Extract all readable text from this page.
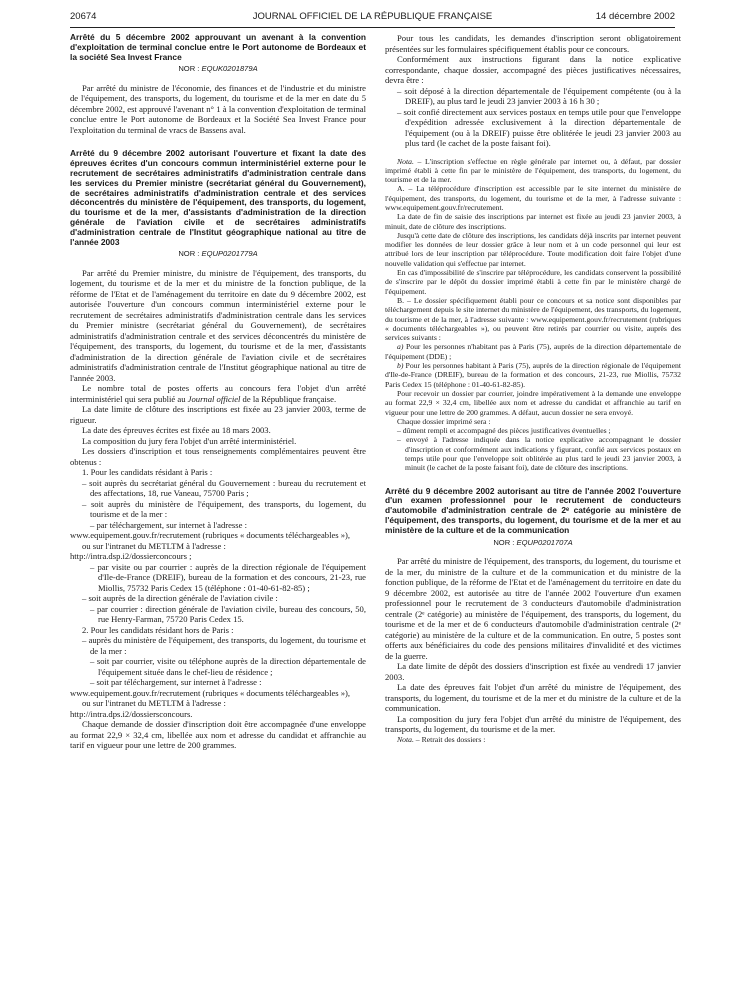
20674	JOURNAL OFFICIEL DE LA RÉPUBLIQUE FRANÇAISE	14 décembre 2002

Arrêté du 5 décembre 2002 approuvant un avenant à la convention d'exploitation de terminal conclue entre le Port autonome de Bordeaux et la société Sea Invest France

NOR : EQUK0201879A

Par arrêté du ministre de l'économie, des finances et de l'industrie et du ministre de l'équipement, des transports, du logement, du tourisme et de la mer en date du 5 décembre 2002, est approuvé l'avenant n° 1 à la convention d'exploitation de terminal conclue entre le Port autonome de Bordeaux et la Société Sea Invest France pour l'exploitation du terminal de vracs de Bassens aval.

Arrêté du 9 décembre 2002 autorisant l'ouverture et fixant la date des épreuves écrites d'un concours commun interministériel externe pour le recrutement de secrétaires administratifs d'administration centrale dans les services du Premier ministre (secrétariat général du Gouvernement), de secrétaires administratifs d'administration centrale et des services déconcentrés du ministère de l'équipement, des transports, du logement, du tourisme et de la mer, d'assistants d'administration de la direction générale de l'aviation civile et de secrétaires administratifs d'administration centrale de l'Institut géographique national au titre de l'année 2003

NOR : EQUP0201779A

Par arrêté du Premier ministre, du ministre de l'équipement, des transports, du logement, du tourisme et de la mer et du ministre de la fonction publique, de la réforme de l'Etat et de l'aménagement du territoire en date du 9 décembre 2002, est autorisée l'ouverture d'un concours commun interministériel externe pour le recrutement de secrétaires administratifs d'administration centrale dans les services du Premier ministre (secrétariat général du Gouvernement), de secrétaires administratifs d'administration centrale et des services déconcentrés du ministère de l'équipement, des transports, du logement, du tourisme et de la mer, d'assistants d'administration de la direction générale de l'aviation civile et de secrétaires administratifs d'administration centrale de l'Institut géographique national au titre de l'année 2003.

Le nombre total de postes offerts au concours fera l'objet d'un arrêté interministériel qui sera publié au Journal officiel de la République française.

La date limite de clôture des inscriptions est fixée au 23 janvier 2003, terme de rigueur.

La date des épreuves écrites est fixée au 18 mars 2003.

La composition du jury fera l'objet d'un arrêté interministériel.

Les dossiers d'inscription et tous renseignements complémentaires peuvent être obtenus :

1. Pour les candidats résidant à Paris :

– soit auprès du secrétariat général du Gouvernement : bureau du recrutement et des affectations, 18, rue Vaneau, 75700 Paris ;

– soit auprès du ministère de l'équipement, des transports, du logement, du tourisme et de la mer :

– par téléchargement, sur internet à l'adresse :

www.equipement.gouv.fr/recrutement (rubriques « documents téléchargeables »),

ou sur l'intranet du METLTM à l'adresse :

http://intra.dsp.i2/dossierconcours ;

– par visite ou par courrier : auprès de la direction régionale de l'équipement d'Ile-de-France (DREIF), bureau de la formation et des concours, 21-23, rue Miollis, 75732 Paris Cedex 15 (téléphone : 01-40-61-82-85) ;

– soit auprès de la direction générale de l'aviation civile :

– par courrier : direction générale de l'aviation civile, bureau des concours, 50, rue Henry-Farman, 75720 Paris Cedex 15.

2. Pour les candidats résidant hors de Paris :

– auprès du ministère de l'équipement, des transports, du logement, du tourisme et de la mer :

– soit par courrier, visite ou téléphone auprès de la direction départementale de l'équipement située dans le chef-lieu de résidence ;

– soit par téléchargement, sur internet à l'adresse :

www.equipement.gouv.fr/recrutement (rubriques « documents téléchargeables »),

ou sur l'intranet du METLTM à l'adresse :

http://intra.dps.i2/dossiersconcours.

Chaque demande de dossier d'inscription doit être accompagnée d'une enveloppe au format 22,9 × 32,4 cm, libellée aux nom et adresse du candidat et affranchie au tarif en vigueur pour une lettre de 200 grammes.

Pour tous les candidats, les demandes d'inscription seront obligatoirement présentées sur les formulaires spécifiquement établis pour ce concours.

Conformément aux instructions figurant dans la notice explicative correspondante, chaque dossier, accompagné des pièces justificatives nécessaires, devra être :

– soit déposé à la direction départementale de l'équipement compétente (ou à la DREIF), au plus tard le jeudi 23 janvier 2003 à 16 h 30 ;

– soit confié directement aux services postaux en temps utile pour que l'enveloppe d'expédition adressée exclusivement à la direction départementale de l'équipement (ou à la DREIF) puisse être oblitérée le jeudi 23 janvier 2003 au plus tard (le cachet de la poste faisant foi).

Nota. – L'inscription s'effectue en règle générale par internet ou, à défaut, par dossier imprimé établi à cette fin par le ministère de l'équipement, des transports, du logement, du tourisme et de la mer.

A. – La téléprocédure d'inscription est accessible par le site internet du ministère de l'équipement, des transports, du logement, du tourisme et de la mer, à l'adresse suivante : www.equipement.gouv.fr/recrutement.

La date de fin de saisie des inscriptions par internet est fixée au jeudi 23 janvier 2003, à minuit, date de clôture des inscriptions.

Jusqu'à cette date de clôture des inscriptions, les candidats déjà inscrits par internet peuvent modifier les données de leur dossier grâce à leur nom et à un code personnel qui leur est attribué lors de leur inscription par téléprocédure. Toute modification doit faire l'objet d'une nouvelle validation qui s'effectue par internet.

En cas d'impossibilité de s'inscrire par téléprocédure, les candidats conservent la possibilité de s'inscrire par le dépôt du dossier imprimé établi à cette fin par le ministère chargé de l'équipement.

B. – Le dossier spécifiquement établi pour ce concours et sa notice sont disponibles par téléchargement depuis le site internet du ministère de l'équipement, des transports, du logement, du tourisme et de la mer, à l'adresse suivante : www.equipement.gouv.fr/recrutement (rubriques « documents téléchargeables »), ou peuvent être retirés par courrier ou visite, auprès des services suivants :

a) Pour les personnes n'habitant pas à Paris (75), auprès de la direction départementale de l'équipement (DDE) ;

b) Pour les personnes habitant à Paris (75), auprès de la direction régionale de l'équipement d'Ile-de-France (DREIF), bureau de la formation et des concours, 21-23, rue Miollis, 75732 Paris Cedex 15 (téléphone : 01-40-61-82-85).

Pour recevoir un dossier par courrier, joindre impérativement à la demande une enveloppe au format 22,9 × 32,4 cm, libellée aux nom et adresse du candidat et affranchie au tarif en vigueur pour une lettre de 200 grammes. A défaut, aucun dossier ne sera envoyé.

Chaque dossier imprimé sera :

– dûment rempli et accompagné des pièces justificatives éventuelles ;

– envoyé à l'adresse indiquée dans la notice explicative accompagnant le dossier d'inscription et conformément aux indications y figurant, confié aux services postaux en temps utile pour que l'enveloppe soit oblitérée au plus tard le jeudi 23 janvier 2003, à minuit (le cachet de la poste faisant foi), date de clôture des inscriptions.

Arrêté du 9 décembre 2002 autorisant au titre de l'année 2002 l'ouverture d'un examen professionnel pour le recrutement de conducteurs d'automobile d'administration centrale de 2ᵉ catégorie au ministère de l'équipement, des transports, du logement, du tourisme et de la mer et au ministère de la culture et de la communication

NOR : EQUP0201707A

Par arrêté du ministre de l'équipement, des transports, du logement, du tourisme et de la mer, du ministre de la culture et de la communication et du ministre de la fonction publique, de la réforme de l'Etat et de l'aménagement du territoire en date du 9 décembre 2002, est autorisée au titre de l'année 2002 l'ouverture d'un examen professionnel pour le recrutement de 3 conducteurs d'automobile d'administration centrale (2ᵉ catégorie) au ministère de l'équipement, des transports, du logement, du tourisme et de la mer et de 6 conducteurs d'automobile d'administration centrale (2ᵉ catégorie) au ministère de la culture et de la communication. En outre, 5 postes sont offerts aux bénéficiaires du code des pensions militaires d'invalidité et des victimes de la guerre.

La date limite de dépôt des dossiers d'inscription est fixée au vendredi 17 janvier 2003.

La date des épreuves fait l'objet d'un arrêté du ministre de l'équipement, des transports, du logement, du tourisme et de la mer et du ministre de la culture et de la communication.

La composition du jury fera l'objet d'un arrêté du ministre de l'équipement, des transports, du logement, du tourisme et de la mer.

Nota. – Retrait des dossiers :
